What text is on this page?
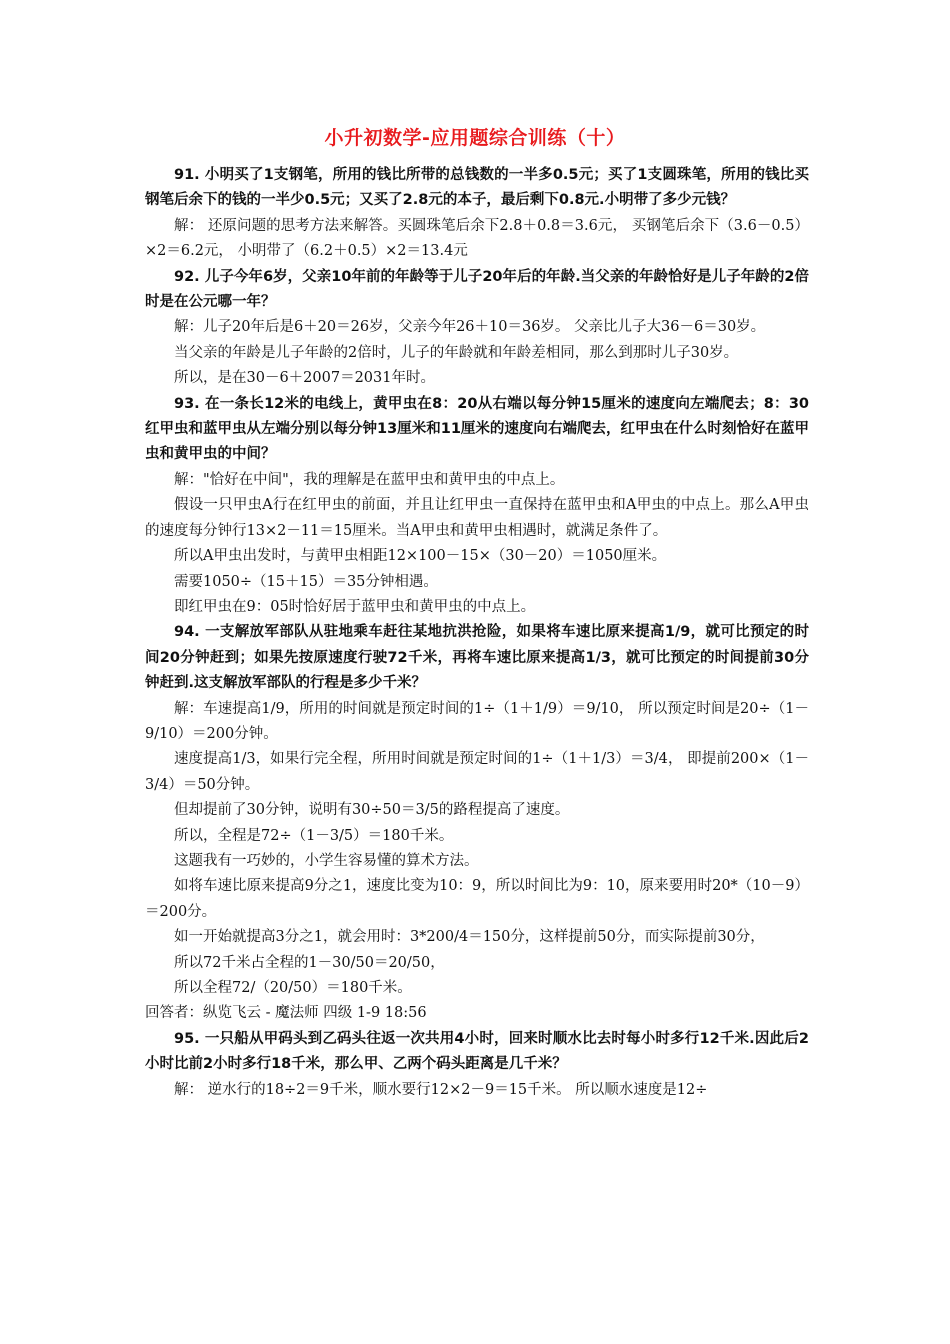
小升初数学-应用题综合训练（十）

91. 小明买了1支钢笔，所用的钱比所带的总钱数的一半多0.5元；买了1支圆珠笔，所用的钱比买钢笔后余下的钱的一半少0.5元；又买了2.8元的本子，最后剩下0.8元.小明带了多少元钱？

解： 还原问题的思考方法来解答。买圆珠笔后余下2.8＋0.8＝3.6元， 买钢笔后余下（3.6－0.5）×2＝6.2元， 小明带了（6.2＋0.5）×2＝13.4元

92. 儿子今年6岁，父亲10年前的年龄等于儿子20年后的年龄.当父亲的年龄恰好是儿子年龄的2倍时是在公元哪一年？

解：儿子20年后是6＋20＝26岁，父亲今年26＋10＝36岁。 父亲比儿子大36－6＝30岁。

当父亲的年龄是儿子年龄的2倍时，儿子的年龄就和年龄差相同，那么到那时儿子30岁。

所以，是在30－6＋2007＝2031年时。

93. 在一条长12米的电线上，黄甲虫在8：20从右端以每分钟15厘米的速度向左端爬去；8：30红甲虫和蓝甲虫从左端分别以每分钟13厘米和11厘米的速度向右端爬去，红甲虫在什么时刻恰好在蓝甲虫和黄甲虫的中间？

解："恰好在中间"，我的理解是在蓝甲虫和黄甲虫的中点上。

假设一只甲虫A行在红甲虫的前面，并且让红甲虫一直保持在蓝甲虫和A甲虫的中点上。那么A甲虫的速度每分钟行13×2－11＝15厘米。当A甲虫和黄甲虫相遇时，就满足条件了。

所以A甲虫出发时，与黄甲虫相距12×100－15×（30－20）＝1050厘米。

需要1050÷（15＋15）＝35分钟相遇。

即红甲虫在9：05时恰好居于蓝甲虫和黄甲虫的中点上。

94. 一支解放军部队从驻地乘车赶往某地抗洪抢险，如果将车速比原来提高1/9，就可比预定的时间20分钟赶到；如果先按原速度行驶72千米，再将车速比原来提高1/3，就可比预定的时间提前30分钟赶到.这支解放军部队的行程是多少千米？

解：车速提高1/9，所用的时间就是预定时间的1÷（1＋1/9）＝9/10， 所以预定时间是20÷（1－9/10）＝200分钟。

速度提高1/3，如果行完全程，所用时间就是预定时间的1÷（1＋1/3）＝3/4， 即提前200×（1－3/4）＝50分钟。

但却提前了30分钟，说明有30÷50＝3/5的路程提高了速度。

所以，全程是72÷（1－3/5）＝180千米。

这题我有一巧妙的，小学生容易懂的算术方法。

如将车速比原来提高9分之1，速度比变为10：9，所以时间比为9：10，原来要用时20*（10－9）＝200分。

如一开始就提高3分之1，就会用时：3*200/4＝150分，这样提前50分，而实际提前30分，

所以72千米占全程的1－30/50＝20/50，

所以全程72/（20/50）＝180千米。

回答者：纵览飞云 - 魔法师 四级 1-9 18:56

95. 一只船从甲码头到乙码头往返一次共用4小时，回来时顺水比去时每小时多行12千米.因此后2小时比前2小时多行18千米，那么甲、乙两个码头距离是几千米？

解： 逆水行的18÷2＝9千米，顺水要行12×2－9＝15千米。 所以顺水速度是12÷
